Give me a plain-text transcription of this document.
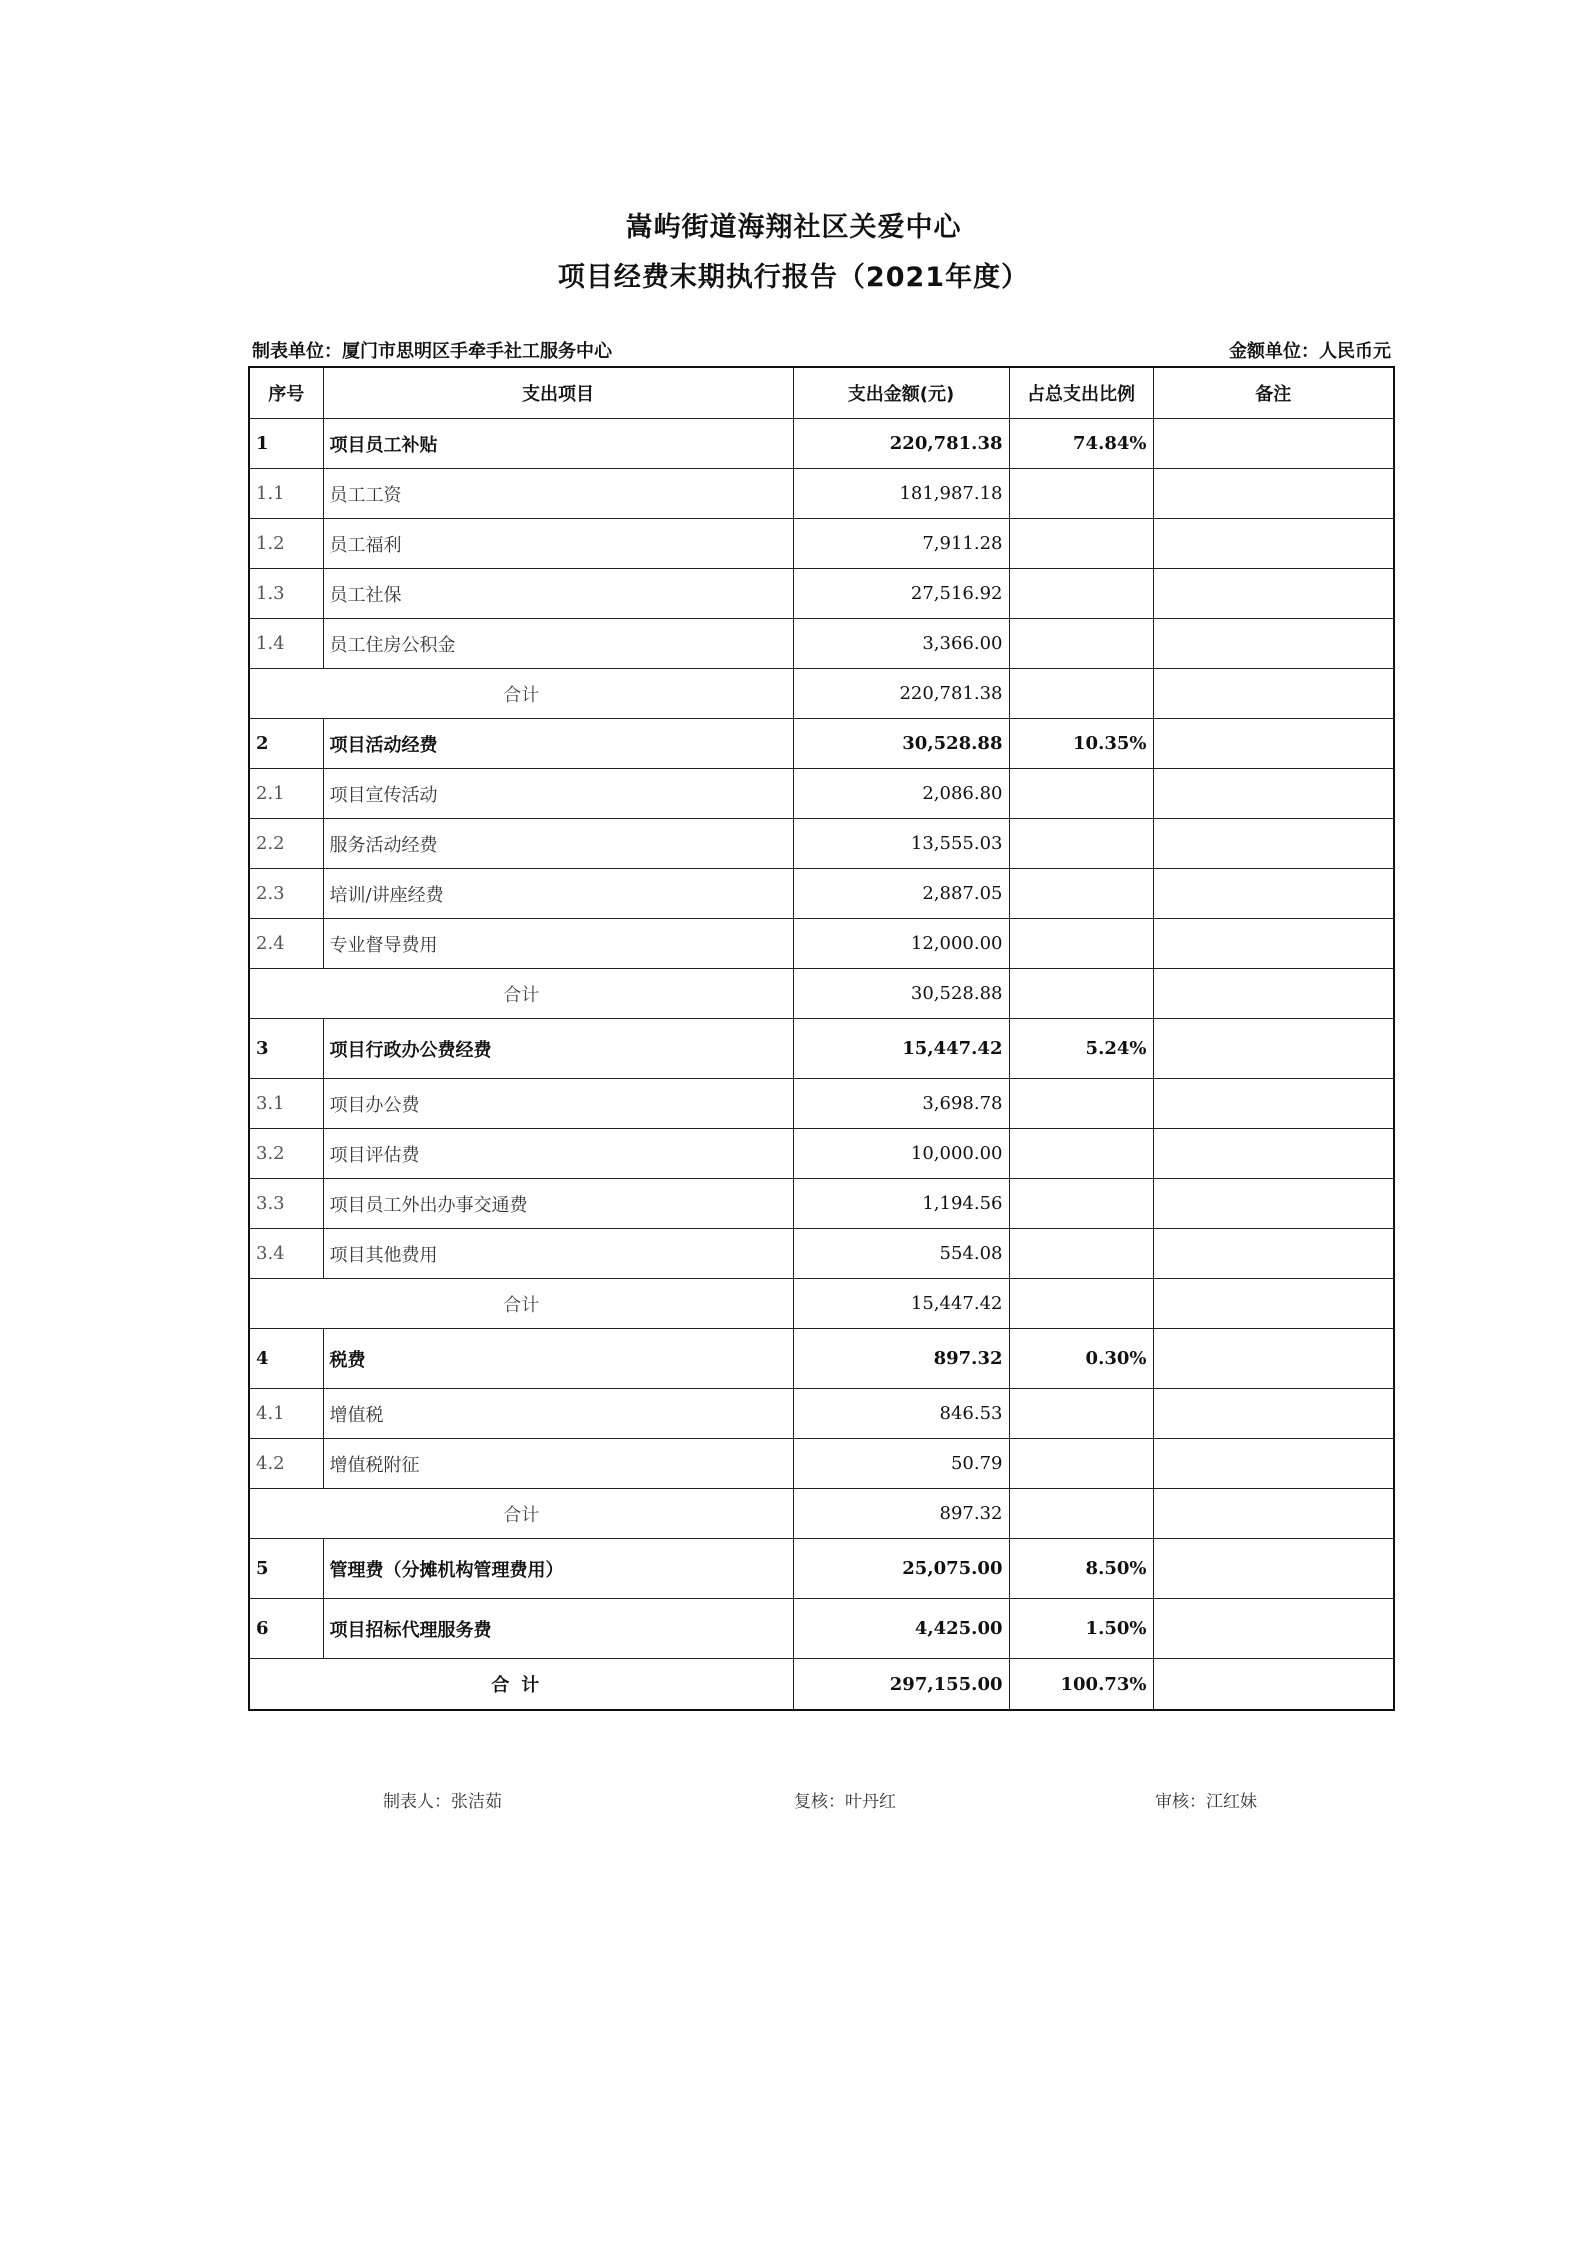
嵩屿街道海翔社区关爱中心
项目经费末期执行报告（2021年度）
制表单位：厦门市思明区手牵手社工服务中心	金额单位：人民币元
序号	支出项目	支出金额(元)	占总支出比例	备注
1	项目员工补贴	220,781.38	74.84%	
1.1	员工工资	181,987.18		
1.2	员工福利	7,911.28		
1.3	员工社保	27,516.92		
1.4	员工住房公积金	3,366.00		
合计		220,781.38		
2	项目活动经费	30,528.88	10.35%	
2.1	项目宣传活动	2,086.80		
2.2	服务活动经费	13,555.03		
2.3	培训/讲座经费	2,887.05		
2.4	专业督导费用	12,000.00		
合计		30,528.88		
3	项目行政办公费经费	15,447.42	5.24%	
3.1	项目办公费	3,698.78		
3.2	项目评估费	10,000.00		
3.3	项目员工外出办事交通费	1,194.56		
3.4	项目其他费用	554.08		
合计		15,447.42		
4	税费	897.32	0.30%	
4.1	增值税	846.53		
4.2	增值税附征	50.79		
合计		897.32		
5	管理费（分摊机构管理费用）	25,075.00	8.50%	
6	项目招标代理服务费	4,425.00	1.50%	
合计		297,155.00	100.73%	
制表人：张洁茹	复核：叶丹红	审核：江红妹
